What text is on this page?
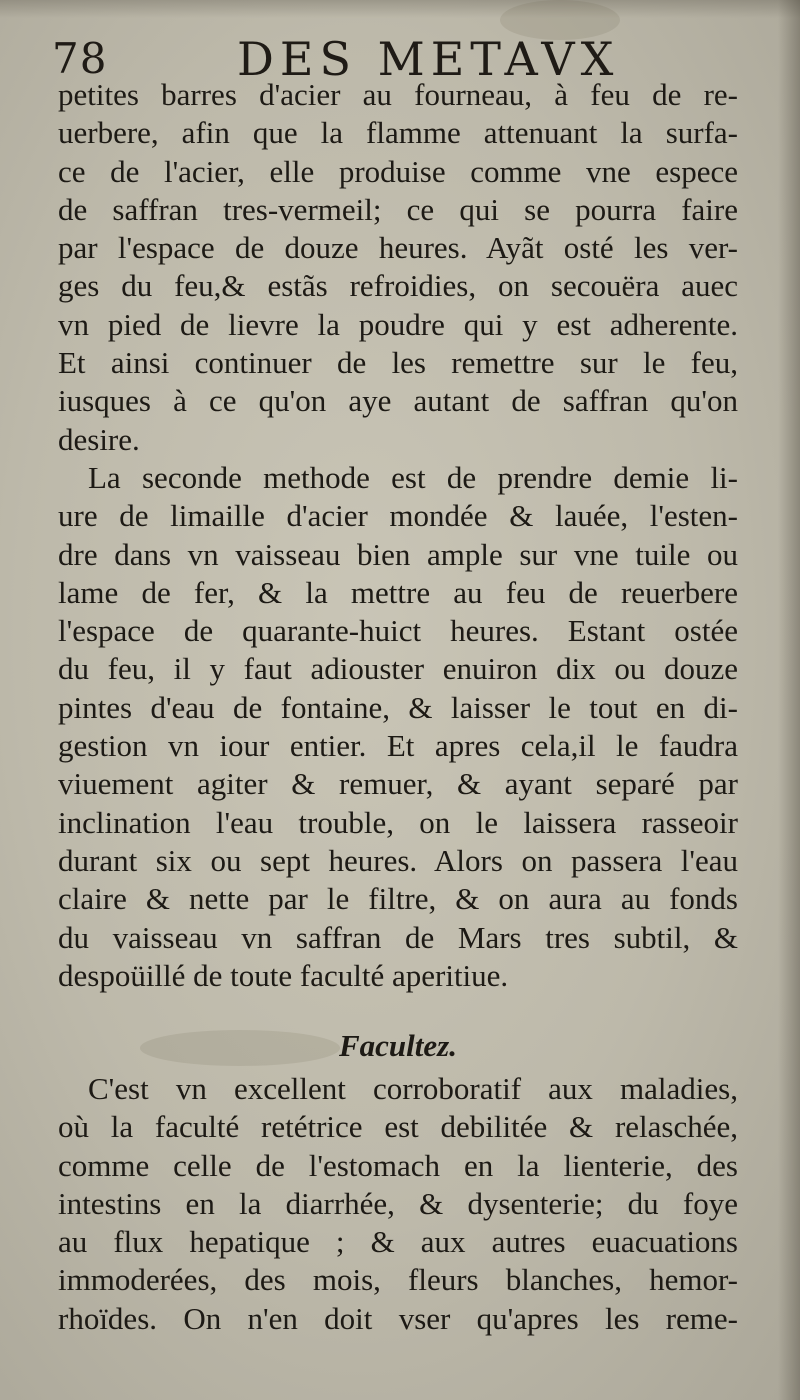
78	DES METAVX
petites barres d'acier au fourneau, à feu de re-
uerbere, afin que la flamme attenuant la surfa-
ce de l'acier, elle produise comme vne espece
de saffran tres-vermeil; ce qui se pourra faire
par l'espace de douze heures. Ayãt osté les ver-
ges du feu,& estãs refroidies, on secouëra auec
vn pied de lievre la poudre qui y est adherente.
Et ainsi continuer de les remettre sur le feu,
iusques à ce qu'on aye autant de saffran qu'on
desire.
La seconde methode est de prendre demie li-
ure de limaille d'acier mondée & lauée, l'esten-
dre dans vn vaisseau bien ample sur vne tuile ou
lame de fer, & la mettre au feu de reuerbere
l'espace de quarante-huict heures. Estant ostée
du feu, il y faut adiouster enuiron dix ou douze
pintes d'eau de fontaine, & laisser le tout en di-
gestion vn iour entier. Et apres cela,il le faudra
viuement agiter & remuer, & ayant separé par
inclination l'eau trouble, on le laissera rasseoir
durant six ou sept heures. Alors on passera l'eau
claire & nette par le filtre, & on aura au fonds
du vaisseau vn saffran de Mars tres subtil, &
despoüillé de toute faculté aperitiue.
Facultez.
C'est vn excellent corroboratif aux maladies,
où la faculté retétrice est debilitée & relaschée,
comme celle de l'estomach en la lienterie, des
intestins en la diarrhée, & dysenterie; du foye
au flux hepatique ; & aux autres euacuations
immoderées, des mois, fleurs blanches, hemor-
rhoïdes. On n'en doit vser qu'apres les reme-
